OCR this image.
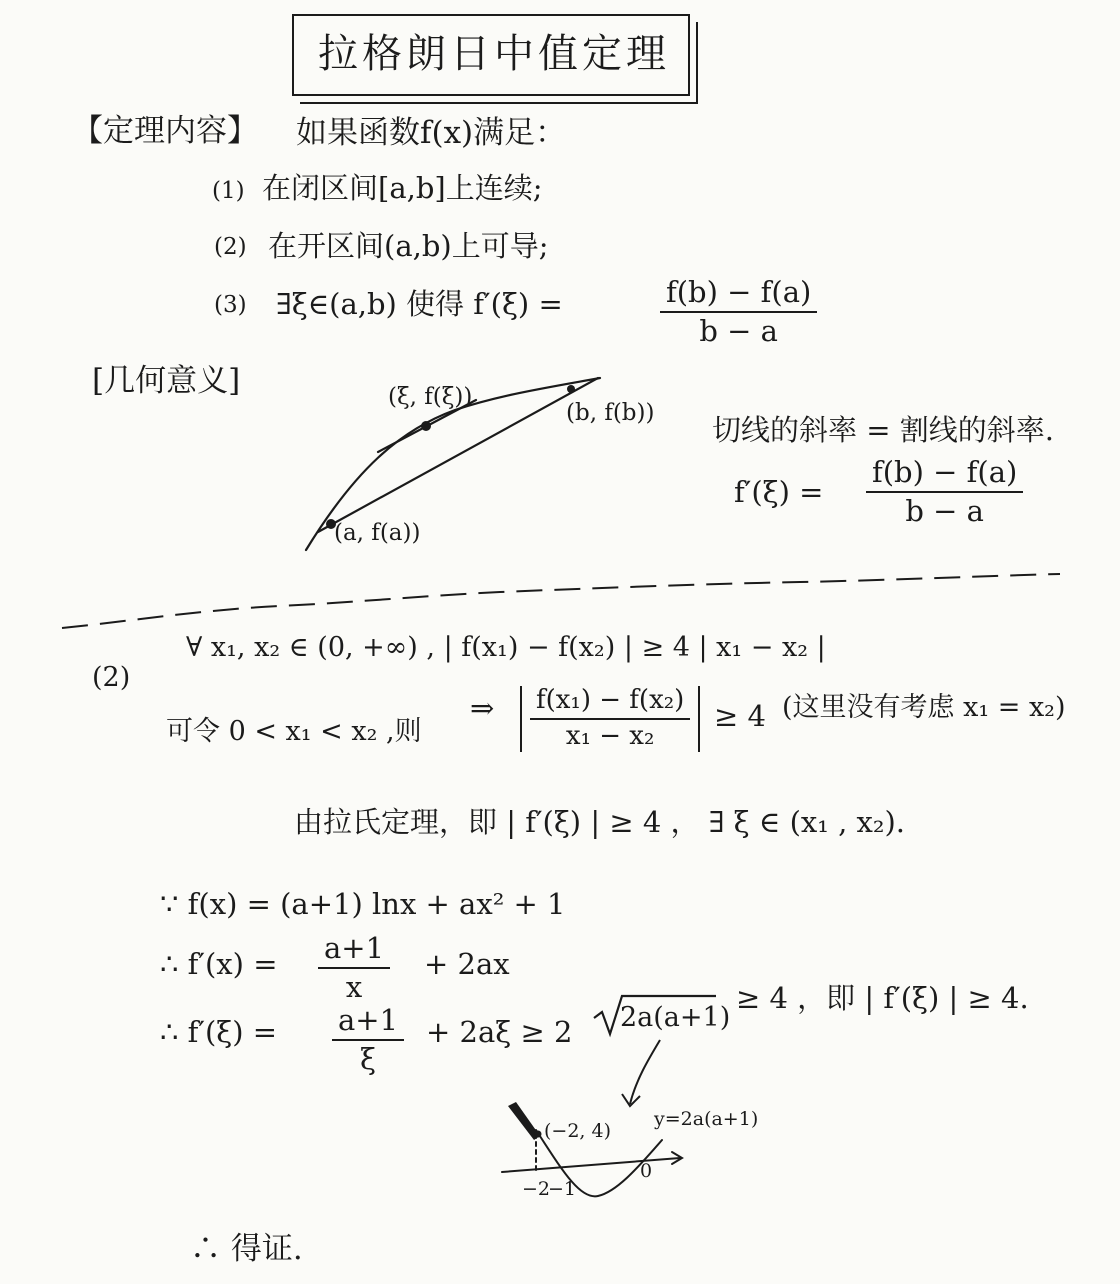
拉格朗日中值定理
【定理内容】 如果函数f(x)满足：
(1) 在闭区间[a,b]上连续;
(2) 在开区间(a,b)上可导;
(3) ∃ξ∈(a,b) 使得 f′(ξ) =	$\frac{f(b) - f(a)}{b - a}$
[几何意义]	(ξ, f(ξ))
(b, f(b))
(a, f(a))
切线的斜率 = 割线的斜率.
$f'(\xi) = \frac{f(b) - f(a)}{b - a}$
(2)
∀ x₁, x₂ ∈ (0, +∞) , | f(x₁) − f(x₂) | ≥ 4 | x₁ − x₂ |
可令 0 < x₁ < x₂ ,则
⇒ $\frac{\text{f(x₁) − f(x₂)}}{\text{x₁ − x₂}} \ge 4$ (这里没有考虑 x₁ = x₂)
由拉氏定理，即 | f′(ξ) | ≥ 4 ， ∃ ξ ∈ (x₁ , x₂).
∵ f(x) = (a+1) lnx + ax² + 1
∴ $f'(x) = \frac{a+1}{x} + 2ax$
∴ $f'(\xi) = \frac{a+1}{\xi} + 2a\xi \ge 2$ 2a(a+1)
≥ 4 ，即 | f′(ξ) | ≥ 4.
(−2, 4)
y=2a(a+1)
−2
−1
0
∴ 得证.
